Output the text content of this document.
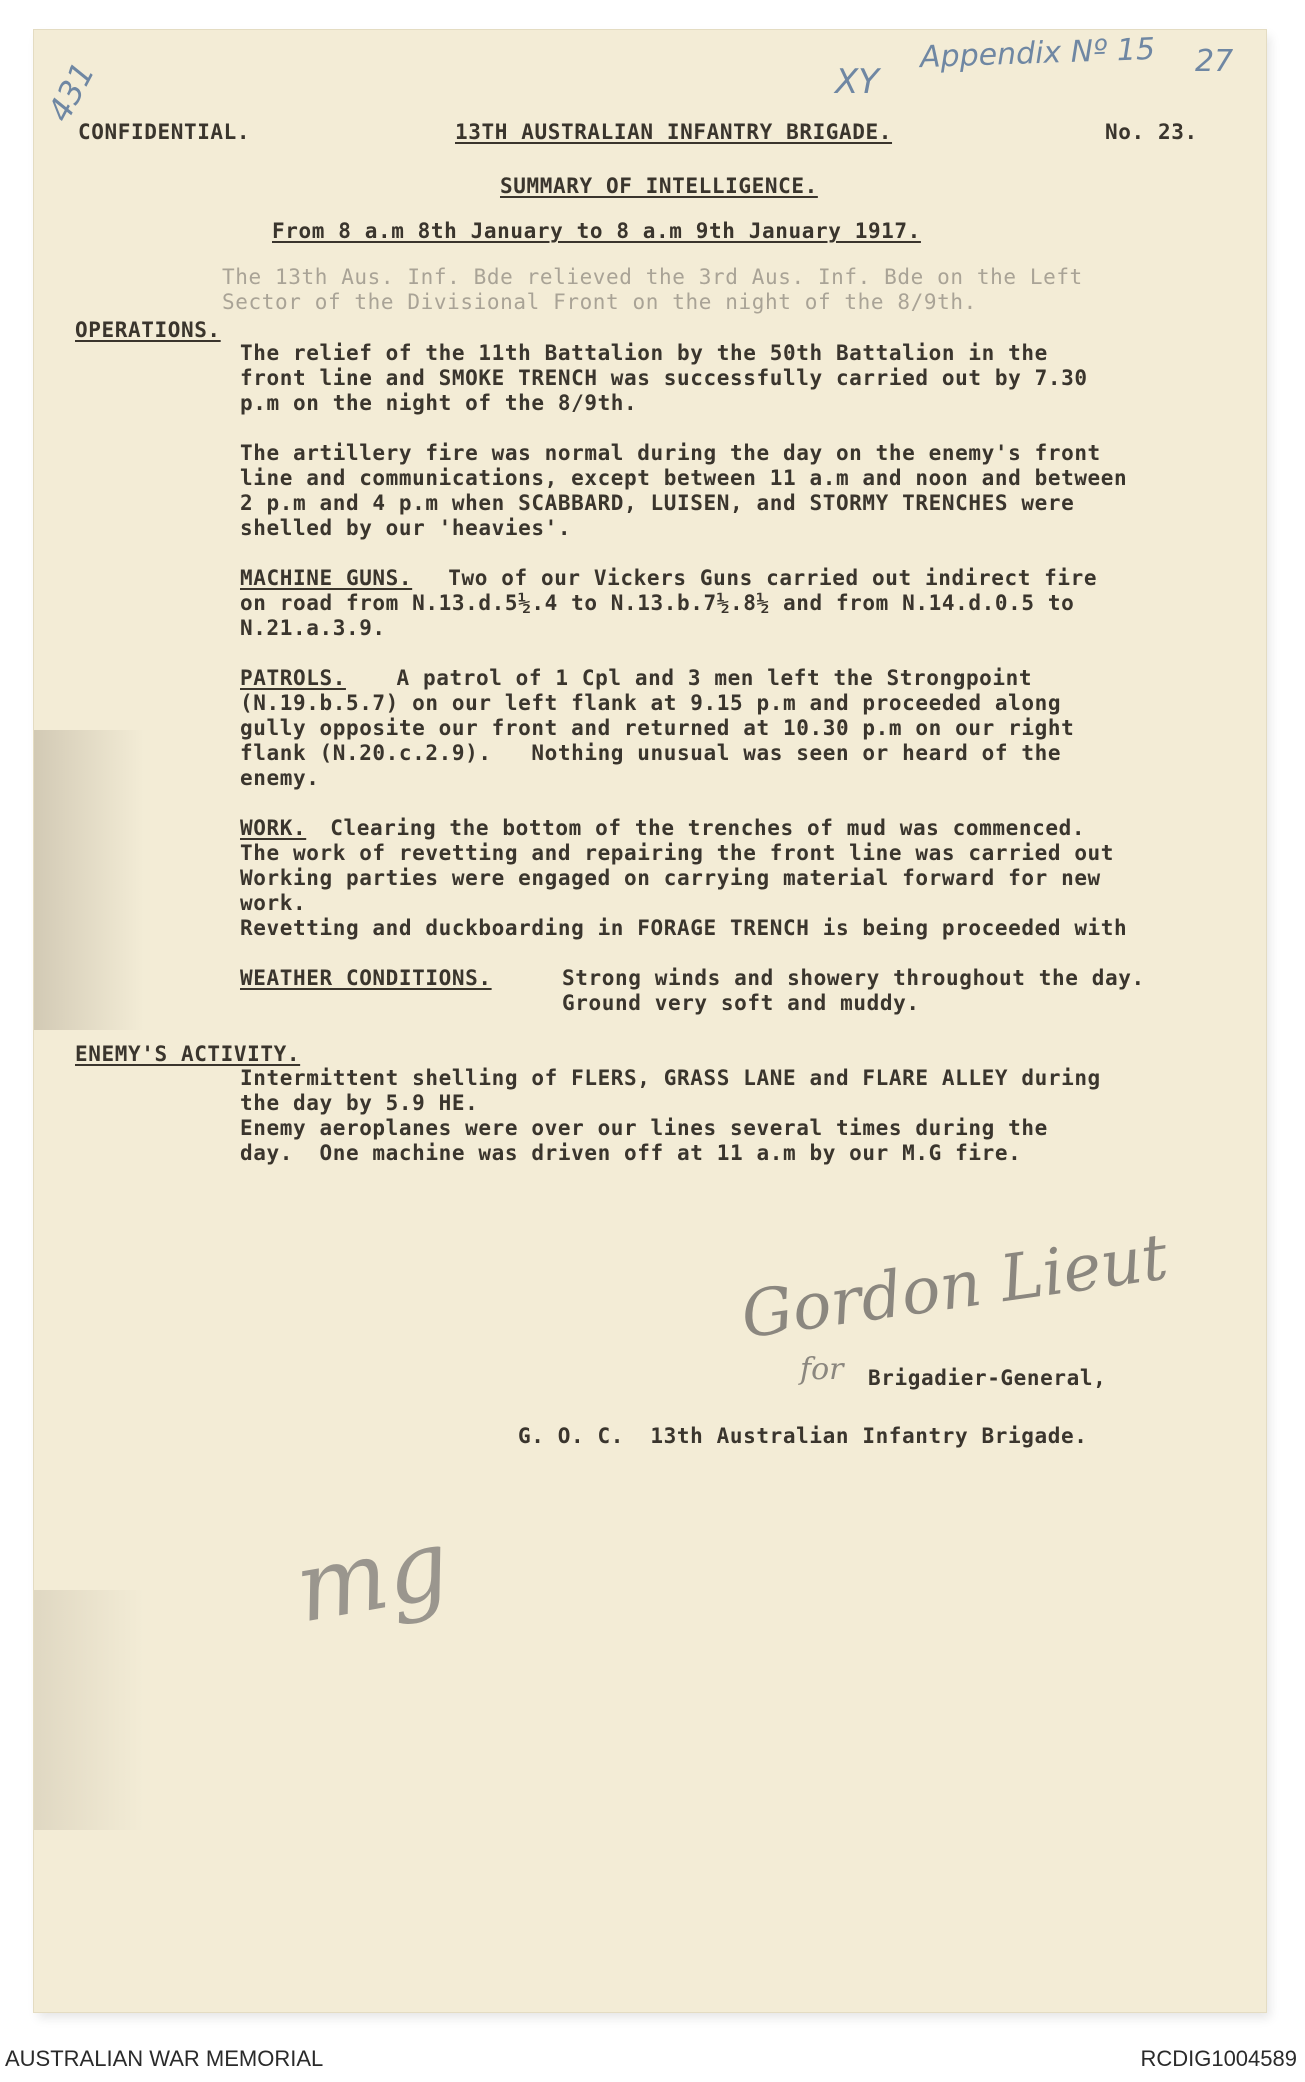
Appendix Nº 15 27
XY
431
CONFIDENTIAL.	13TH AUSTRALIAN INFANTRY BRIGADE.	No. 23.
SUMMARY OF INTELLIGENCE.
From 8 a.m 8th January to 8 a.m 9th January 1917.
The 13th Aus. Inf. Bde relieved the 3rd Aus. Inf. Bde on the Left
Sector of the Divisional Front on the night of the 8/9th.
OPERATIONS.
The relief of the 11th Battalion by the 50th Battalion in the
front line and SMOKE TRENCH was successfully carried out by 7.30
p.m on the night of the 8/9th.
The artillery fire was normal during the day on the enemy's front
line and communications, except between 11 a.m and noon and between
2 p.m and 4 p.m when SCABBARD, LUISEN, and STORMY TRENCHES were
shelled by our 'heavies'.
MACHINE GUNS. Two of our Vickers Guns carried out indirect fire
on road from N.13.d.5½.4 to N.13.b.7½.8½ and from N.14.d.0.5 to
N.21.a.3.9.
PATROLS. A patrol of 1 Cpl and 3 men left the Strongpoint
(N.19.b.5.7) on our left flank at 9.15 p.m and proceeded along
gully opposite our front and returned at 10.30 p.m on our right
flank (N.20.c.2.9).   Nothing unusual was seen or heard of the
enemy.
WORK. Clearing the bottom of the trenches of mud was commenced.
The work of revetting and repairing the front line was carried out
Working parties were engaged on carrying material forward for new
work.
Revetting and duckboarding in FORAGE TRENCH is being proceeded with
WEATHER CONDITIONS.	Strong winds and showery throughout the day.
Ground very soft and muddy.
ENEMY'S ACTIVITY.
Intermittent shelling of FLERS, GRASS LANE and FLARE ALLEY during
the day by 5.9 HE.
Enemy aeroplanes were over our lines several times during the
day.  One machine was driven off at 11 a.m by our M.G fire.
Gordon Lieut
for Brigadier-General,
G. O. C.  13th Australian Infantry Brigade.
mg
AUSTRALIAN WAR MEMORIAL	RCDIG1004589
